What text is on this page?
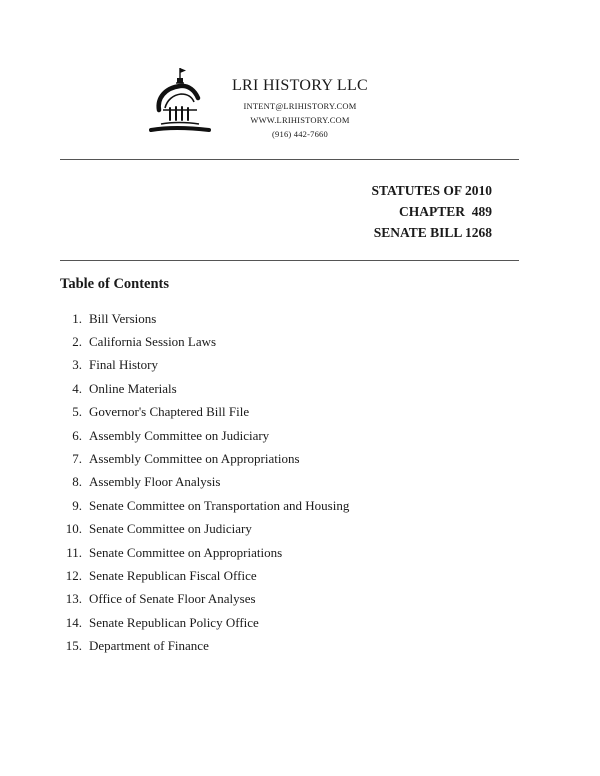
LRI HISTORY LLC
INTENT@LRIHISTORY.COM
WWW.LRIHISTORY.COM
(916) 442-7660
STATUTES OF 2010
CHAPTER  489
SENATE BILL 1268
Table of Contents
1. Bill Versions
2. California Session Laws
3. Final History
4. Online Materials
5. Governor's Chaptered Bill File
6. Assembly Committee on Judiciary
7. Assembly Committee on Appropriations
8. Assembly Floor Analysis
9. Senate Committee on Transportation and Housing
10. Senate Committee on Judiciary
11. Senate Committee on Appropriations
12. Senate Republican Fiscal Office
13. Office of Senate Floor Analyses
14. Senate Republican Policy Office
15. Department of Finance
